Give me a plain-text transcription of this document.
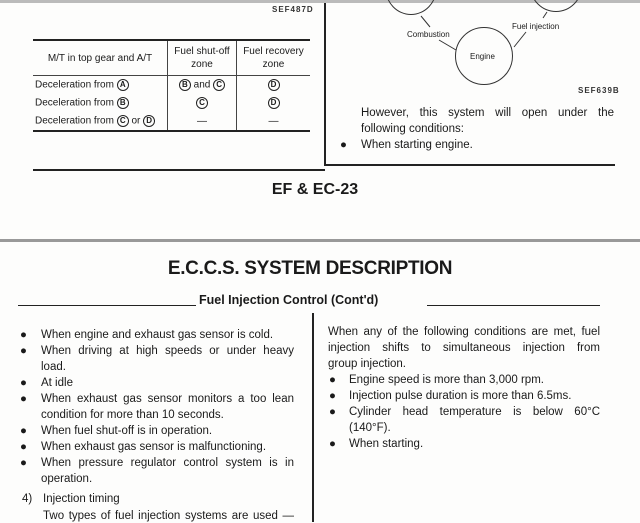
SEF487D
M/T in top gear and A/T	Fuel shut-off zone	Fuel recovery zone
Deceleration from A	B and C	D
Deceleration from B	C	D
Deceleration from C or D	—	—
Combustion
Fuel injection
Engine
SEF639B
However, this system will open under the
following conditions:
● When starting engine.
EF & EC-23
E.C.C.S. SYSTEM DESCRIPTION
Fuel Injection Control (Cont'd)
● When engine and exhaust gas sensor is cold.
● When driving at high speeds or under heavy
load.
● At idle
● When exhaust gas sensor monitors a too lean
condition for more than 10 seconds.
● When fuel shut-off is in operation.
● When exhaust gas sensor is malfunctioning.
● When pressure regulator control system is in
operation.
4) Injection timing
Two types of fuel injection systems are used —
When any of the following conditions are met, fuel
injection shifts to simultaneous injection from
group injection.
● Engine speed is more than 3,000 rpm.
● Injection pulse duration is more than 6.5ms.
● Cylinder head temperature is below 60°C
(140°F).
● When starting.
